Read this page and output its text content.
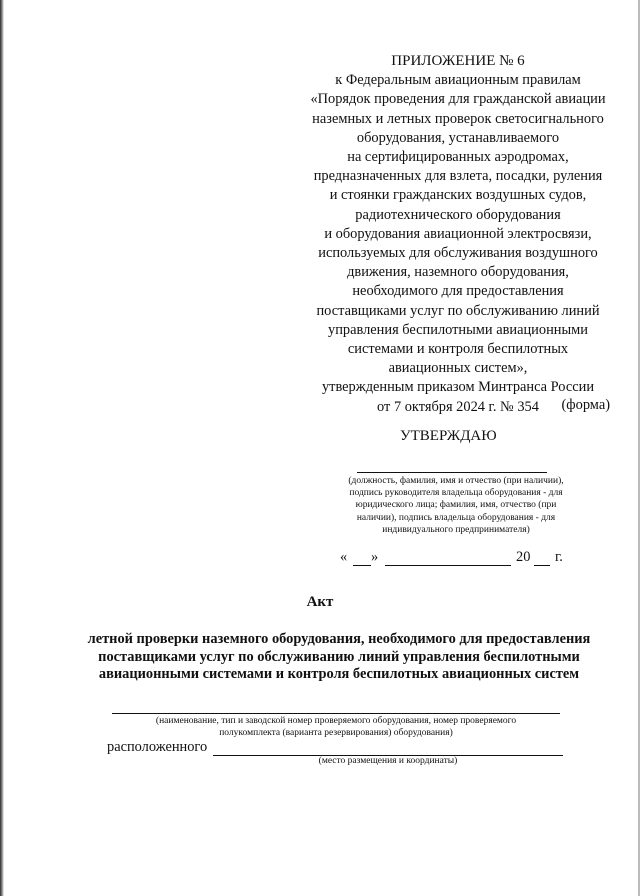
ПРИЛОЖЕНИЕ № 6
к Федеральным авиационным правилам
«Порядок проведения для гражданской авиации
наземных и летных проверок светосигнального
оборудования, устанавливаемого
на сертифицированных аэродромах,
предназначенных для взлета, посадки, руления
и стоянки гражданских воздушных судов,
радиотехнического оборудования
и оборудования авиационной электросвязи,
используемых для обслуживания воздушного
движения, наземного оборудования,
необходимого для предоставления
поставщиками услуг по обслуживанию линий
управления беспилотными авиационными
системами и контроля беспилотных
авиационных систем»,
утвержденным приказом Минтранса России
от 7 октября 2024 г. № 354	(форма)
УТВЕРЖДАЮ
(должность, фамилия, имя и отчество (при наличии),
подпись руководителя владельца оборудования - для
юридического лица; фамилия, имя, отчество (при
наличии), подпись владельца оборудования - для
индивидуального предпринимателя)
« »	20 г.
Акт
летной проверки наземного оборудования, необходимого для предоставления
поставщиками услуг по обслуживанию линий управления беспилотными
авиационными системами и контроля беспилотных авиационных систем
(наименование, тип и заводской номер проверяемого оборудования, номер проверяемого
полукомплекта (варианта резервирования) оборудования)
расположенного
(место размещения и координаты)
